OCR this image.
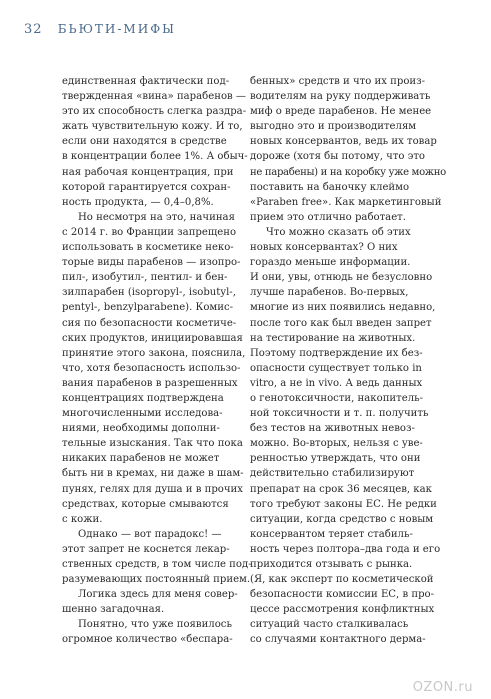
32 БЬЮТИ-МИФЫ
единственная фактически под-
твержденная «вина» парабенов —
это их способность слегка раздра-
жать чувствительную кожу. И то,
если они находятся в средстве
в концентрации более 1%. А обыч-
ная рабочая концентрация, при
которой гарантируется сохран-
ность продукта, — 0,4–0,8%.
Но несмотря на это, начиная
с 2014 г. во Франции запрещено
использовать в косметике неко-
торые виды парабенов — изопро-
пил-, изобутил-, пентил- и бен-
зилпарабен (isopropyl-, isobutyl-,
pentyl-, benzylparabene). Комис-
сия по безопасности косметиче-
ских продуктов, инициировавшая
принятие этого закона, пояснила,
что, хотя безопасность использо-
вания парабенов в разрешенных
концентрациях подтверждена
многочисленными исследова-
ниями, необходимы дополни-
тельные изыскания. Так что пока
никаких парабенов не может
быть ни в кремах, ни даже в шам-
пунях, гелях для душа и в прочих
средствах, которые смываются
с кожи.
Однако — вот парадокс! —
этот запрет не коснется лекар-
ственных средств, в том числе под-
разумевающих постоянный прием.
Логика здесь для меня совер-
шенно загадочная.
Понятно, что уже появилось
огромное количество «беспара-
бенных» средств и что их произ-
водителям на руку поддерживать
миф о вреде парабенов. Не менее
выгодно это и производителям
новых консервантов, ведь их товар
дороже (хотя бы потому, что это
не парабены) и на коробку уже можно
поставить на баночку клеймо
«Paraben free». Как маркетинговый
прием это отлично работает.
Что можно сказать об этих
новых консервантах? О них
гораздо меньше информации.
И они, увы, отнюдь не безусловно
лучше парабенов. Во-первых,
многие из них появились недавно,
после того как был введен запрет
на тестирование на животных.
Поэтому подтверждение их без-
опасности существует только in
vitro, а не in vivo. А ведь данных
о генотоксичности, накопитель-
ной токсичности и т. п. получить
без тестов на животных невоз-
можно. Во-вторых, нельзя с уве-
ренностью утверждать, что они
действительно стабилизируют
препарат на срок 36 месяцев, как
того требуют законы ЕС. Не редки
ситуации, когда средство с новым
консервантом теряет стабиль-
ность через полтора–два года и его
приходится отзывать с рынка.
(Я, как эксперт по косметической
безопасности комиссии ЕС, в про-
цессе рассмотрения конфликтных
ситуаций часто сталкивалась
со случаями контактного дерма-
OZON.ru
